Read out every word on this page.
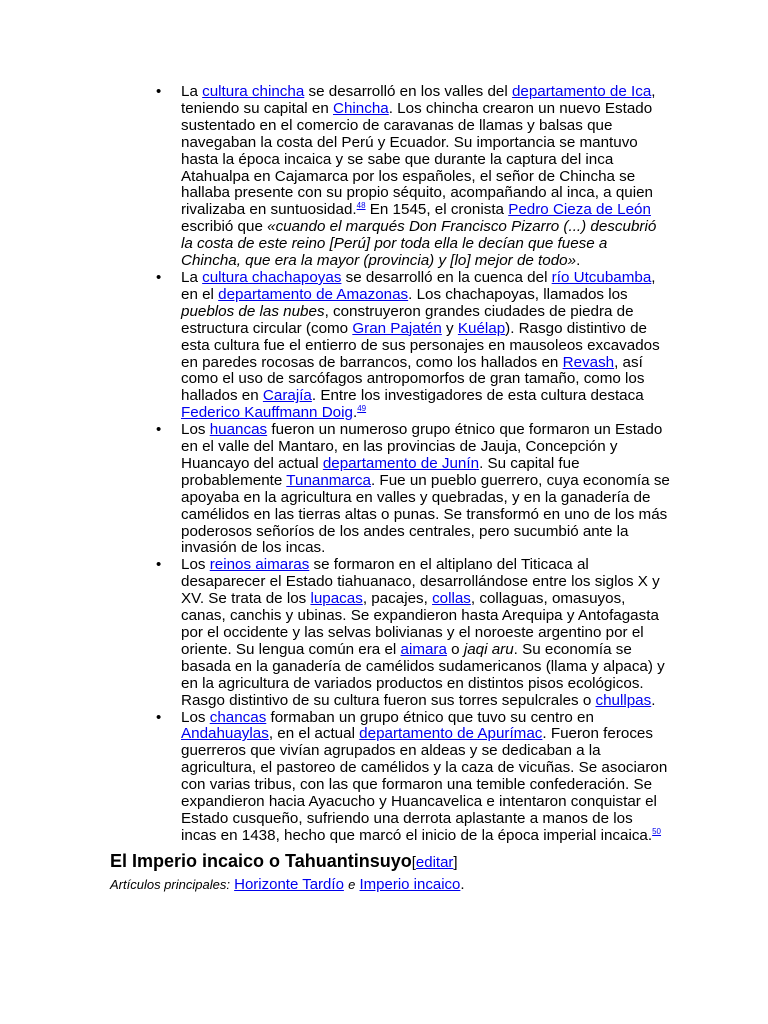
• La cultura chincha se desarrolló en los valles del departamento de Ica, teniendo su capital en Chincha. Los chincha crearon un nuevo Estado sustentado en el comercio de caravanas de llamas y balsas que navegaban la costa del Perú y Ecuador. Su importancia se mantuvo hasta la época incaica y se sabe que durante la captura del inca Atahualpa en Cajamarca por los españoles, el señor de Chincha se hallaba presente con su propio séquito, acompañando al inca, a quien rivalizaba en suntuosidad.$^{48}$ En 1545, el cronista Pedro Cieza de León escribió que «cuando el marqués Don Francisco Pizarro (...) descubrió la costa de este reino [Perú] por toda ella le decían que fuese a Chincha, que era la mayor (provincia) y [lo] mejor de todo».
• La cultura chachapoyas se desarrolló en la cuenca del río Utcubamba, en el departamento de Amazonas. Los chachapoyas, llamados los pueblos de las nubes, construyeron grandes ciudades de piedra de estructura circular (como Gran Pajatén y Kuélap). Rasgo distintivo de esta cultura fue el entierro de sus personajes en mausoleos excavados en paredes rocosas de barrancos, como los hallados en Revash, así como el uso de sarcófagos antropomorfos de gran tamaño, como los hallados en Carajía. Entre los investigadores de esta cultura destaca Federico Kauffmann Doig.$^{49}$
• Los huancas fueron un numeroso grupo étnico que formaron un Estado en el valle del Mantaro, en las provincias de Jauja, Concepción y Huancayo del actual departamento de Junín. Su capital fue probablemente Tunanmarca. Fue un pueblo guerrero, cuya economía se apoyaba en la agricultura en valles y quebradas, y en la ganadería de camélidos en las tierras altas o punas. Se transformó en uno de los más poderosos señoríos de los andes centrales, pero sucumbió ante la invasión de los incas.
• Los reinos aimaras se formaron en el altiplano del Titicaca al desaparecer el Estado tiahuanaco, desarrollándose entre los siglos X y XV. Se trata de los lupacas, pacajes, collas, collaguas, omasuyos, canas, canchis y ubinas. Se expandieron hasta Arequipa y Antofagasta por el occidente y las selvas bolivianas y el noroeste argentino por el oriente. Su lengua común era el aimara o jaqi aru. Su economía se basada en la ganadería de camélidos sudamericanos (llama y alpaca) y en la agricultura de variados productos en distintos pisos ecológicos. Rasgo distintivo de su cultura fueron sus torres sepulcrales o chullpas.
• Los chancas formaban un grupo étnico que tuvo su centro en Andahuaylas, en el actual departamento de Apurímac. Fueron feroces guerreros que vivían agrupados en aldeas y se dedicaban a la agricultura, el pastoreo de camélidos y la caza de vicuñas. Se asociaron con varias tribus, con las que formaron una temible confederación. Se expandieron hacia Ayacucho y Huancavelica e intentaron conquistar el Estado cusqueño, sufriendo una derrota aplastante a manos de los incas en 1438, hecho que marcó el inicio de la época imperial incaica.$^{50}$
El Imperio incaico o Tahuantinsuyo[editar]
Artículos principales: Horizonte Tardío e Imperio incaico.
